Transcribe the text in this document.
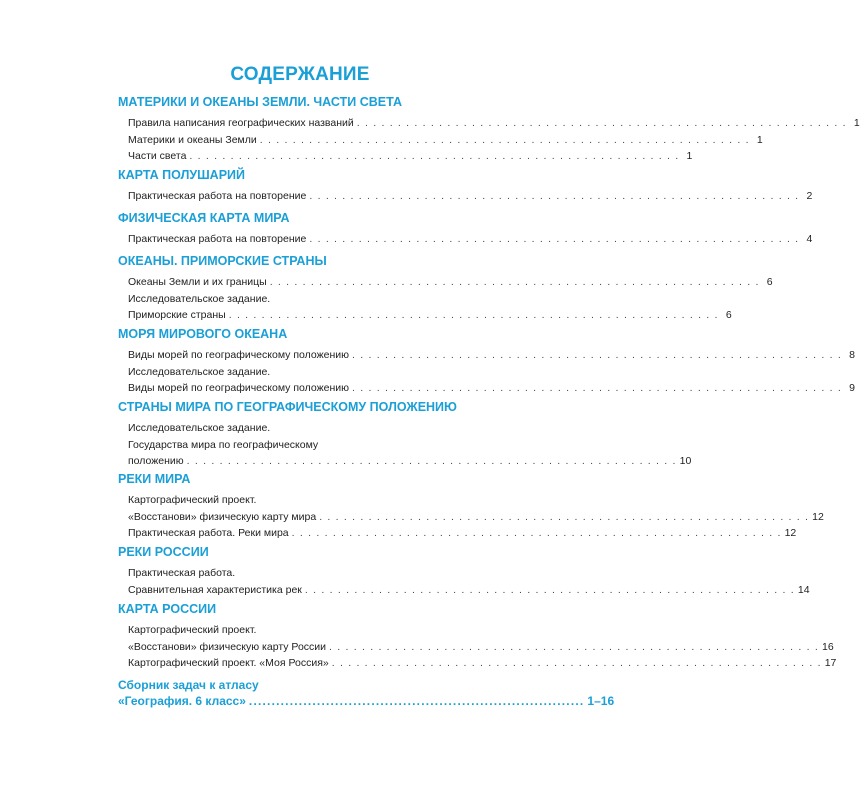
СОДЕРЖАНИЕ
МАТЕРИКИ И ОКЕАНЫ ЗЕМЛИ. ЧАСТИ СВЕТА
Правила написания географических названий . . . . . . . . . . . . . . . . . . . . . . . . . . . . . . . . . . . . . . . . . . . . . . . . . . . . . . . . . . . . 1
Материки и океаны Земли . . . . . . . . . . . . . . . . . . . . . . . . . . . . . . . . . . . . . . . . . . . . . . . . . . . . . . . . . . . . 1
Части света . . . . . . . . . . . . . . . . . . . . . . . . . . . . . . . . . . . . . . . . . . . . . . . . . . . . . . . . . . . . 1
КАРТА ПОЛУШАРИЙ
Практическая работа на повторение . . . . . . . . . . . . . . . . . . . . . . . . . . . . . . . . . . . . . . . . . . . . . . . . . . . . . . . . . . . . 2
ФИЗИЧЕСКАЯ КАРТА МИРА
Практическая работа на повторение . . . . . . . . . . . . . . . . . . . . . . . . . . . . . . . . . . . . . . . . . . . . . . . . . . . . . . . . . . . . 4
ОКЕАНЫ. ПРИМОРСКИЕ СТРАНЫ
Океаны Земли и их границы . . . . . . . . . . . . . . . . . . . . . . . . . . . . . . . . . . . . . . . . . . . . . . . . . . . . . . . . . . . . 6
Исследовательское задание.
Приморские страны . . . . . . . . . . . . . . . . . . . . . . . . . . . . . . . . . . . . . . . . . . . . . . . . . . . . . . . . . . . . 6
МОРЯ МИРОВОГО ОКЕАНА
Виды морей по географическому положению . . . . . . . . . . . . . . . . . . . . . . . . . . . . . . . . . . . . . . . . . . . . . . . . . . . . . . . . . . . . 8
Исследовательское задание.
Виды морей по географическому положению . . . . . . . . . . . . . . . . . . . . . . . . . . . . . . . . . . . . . . . . . . . . . . . . . . . . . . . . . . . . 9
СТРАНЫ МИРА ПО ГЕОГРАФИЧЕСКОМУ ПОЛОЖЕНИЮ
Исследовательское задание.
Государства мира по географическому
положению . . . . . . . . . . . . . . . . . . . . . . . . . . . . . . . . . . . . . . . . . . . . . . . . . . . . . . . . . . . . 10
РЕКИ МИРА
Картографический проект.
«Восстанови» физическую карту мира . . . . . . . . . . . . . . . . . . . . . . . . . . . . . . . . . . . . . . . . . . . . . . . . . . . . . . . . . . . . 12
Практическая работа. Реки мира . . . . . . . . . . . . . . . . . . . . . . . . . . . . . . . . . . . . . . . . . . . . . . . . . . . . . . . . . . . . 12
РЕКИ РОССИИ
Практическая работа.
Сравнительная характеристика рек . . . . . . . . . . . . . . . . . . . . . . . . . . . . . . . . . . . . . . . . . . . . . . . . . . . . . . . . . . . . 14
КАРТА РОССИИ
Картографический проект.
«Восстанови» физическую карту России . . . . . . . . . . . . . . . . . . . . . . . . . . . . . . . . . . . . . . . . . . . . . . . . . . . . . . . . . . . . 16
Картографический проект. «Моя Россия» . . . . . . . . . . . . . . . . . . . . . . . . . . . . . . . . . . . . . . . . . . . . . . . . . . . . . . . . . . . . 17
Сборник задач к атласу
«География. 6 класс» .......................................................................... 1–16
